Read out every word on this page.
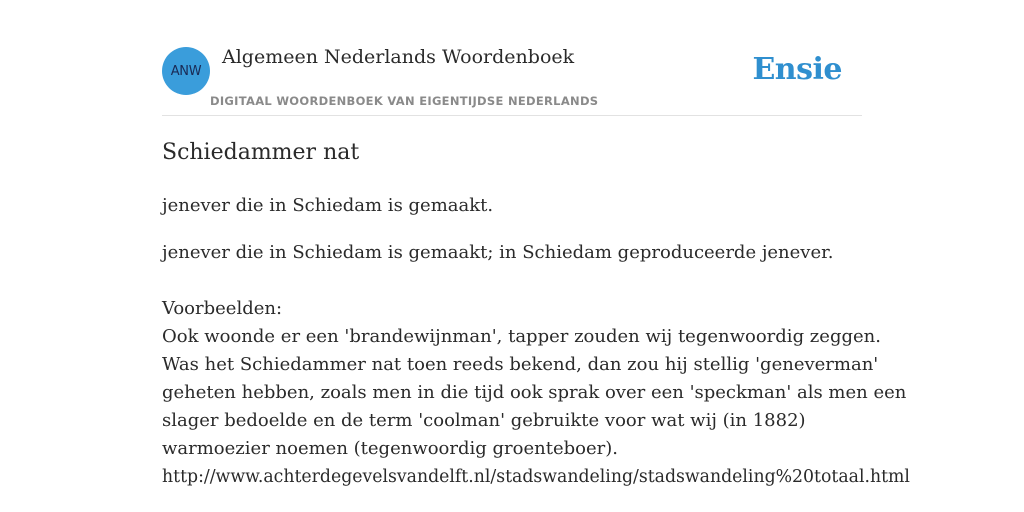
ANW
Algemeen Nederlands Woordenboek
DIGITAAL WOORDENBOEK VAN EIGENTIJDSE NEDERLANDS
Ensie
Schiedammer nat
jenever die in Schiedam is gemaakt.
jenever die in Schiedam is gemaakt; in Schiedam geproduceerde jenever.
Voorbeelden:
Ook woonde er een 'brandewijnman', tapper zouden wij tegenwoordig zeggen.
Was het Schiedammer nat toen reeds bekend, dan zou hij stellig 'geneverman'
geheten hebben, zoals men in die tijd ook sprak over een 'speckman' als men een
slager bedoelde en de term 'coolman' gebruikte voor wat wij (in 1882)
warmoezier noemen (tegenwoordig groenteboer).
http://www.achterdegevelsvandelft.nl/stadswandeling/stadswandeling%20totaal.html
